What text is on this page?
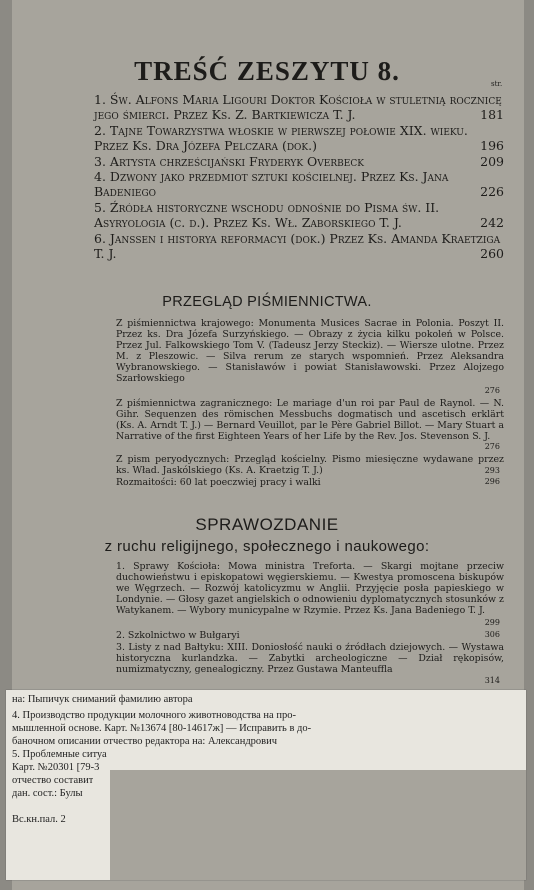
TREŚĆ ZESZYTU 8.	str.
1. Św. Alfons Maria Ligouri Doktor Kościoła w stuletnią rocznicę jego śmierci. Przez Ks. Z. Bartkiewicza T. J.	181
2. Tajne Towarzystwa włoskie w pierwszej połowie XIX. wieku. Przez Ks. Dra Józefa Pelczara (dok.)	196
3. Artysta chrześcijański Fryderyk Overbeck	209
4. Dzwony jako przedmiot sztuki kościelnej. Przez Ks. Jana Badeniego	226
5. Źródła historyczne wschodu odnośnie do Pisma św. II. Asyryologia (c. d.). Przez Ks. Wł. Zaborskiego T. J.	242
6. Janssen i historya reformacyi (dok.) Przez Ks. Amanda Kraetziga T. J.	260
PRZEGLĄD PIŚMIENNICTWA.
Z piśmiennictwa krajowego: Monumenta Musices Sacrae in Polonia. Poszyt II. Przez ks. Dra Józefa Surzyńskiego. — Obrazy z życia kilku pokoleń w Polsce. Przez Jul. Falkowskiego Tom V. (Tadeusz Jerzy Steckiz). — Wiersze ulotne. Przez M. z Pleszowic. — Silva rerum ze starych wspomnień. Przez Aleksandra Wybranowskiego. — Stanisławów i powiat Stanisławowski. Przez Alojzego Szarłowskiego
276
Z piśmiennictwa zagranicznego: Le mariage d'un roi par Paul de Raynol. — N. Gihr. Sequenzen des römischen Messbuchs dogmatisch und ascetisch erklärt (Ks. A. Arndt T. J.) — Bernard Veuillot, par le Père Gabriel Billot. — Mary Stuart a Narrative of the first Eighteen Years of her Life by the Rev. Jos. Stevenson S. J.
276
Z pism peryodycznych: Przegląd kościelny. Pismo miesięczne wydawane przez ks. Wład. Jaskólskiego (Ks. A. Kraetzig T. J.)	293
Rozmaitości: 60 lat poeczwiej pracy i walki	296
SPRAWOZDANIE
z ruchu religijnego, społecznego i naukowego:
1. Sprawy Kościoła: Mowa ministra Treforta. — Skargi mojtane przeciw duchowieństwu i episkopatowi węgierskiemu. — Kwestya promoscena biskupów we Węgrzech. — Rozwój katolicyzmu w Anglii. Przyjęcie posła papieskiego w Londynie. — Głosy gazet angielskich o odnowieniu dyplomatycznych stosunków z Watykanem. — Wybory municypalne w Rzymie. Przez Ks. Jana Badeniego T. J.
299
2. Szkolnictwo w Bułgaryi	306
3. Listy z nad Bałtyku: XIII. Doniosłość nauki o źródłach dziejowych. — Wystawa historyczna kurlandzka. — Zabytki archeologiczne — Dział rękopisów, numizmatyczny, genealogiczny. Przez Gustawa Manteuffla
314
на: Пыпичук сниманий фамилию автора
4. Производство продукции молочного животноводства на про-
мышленной основе. Карт. №13674 [80-14617ж] — Исправить в до-
баночном описании отчество редактора на: Александрович
5. Проблемные ситуа
Карт. №20301 [79-3
отчество составит
дан. сост.: Булы
Вс.кн.пал. 2
